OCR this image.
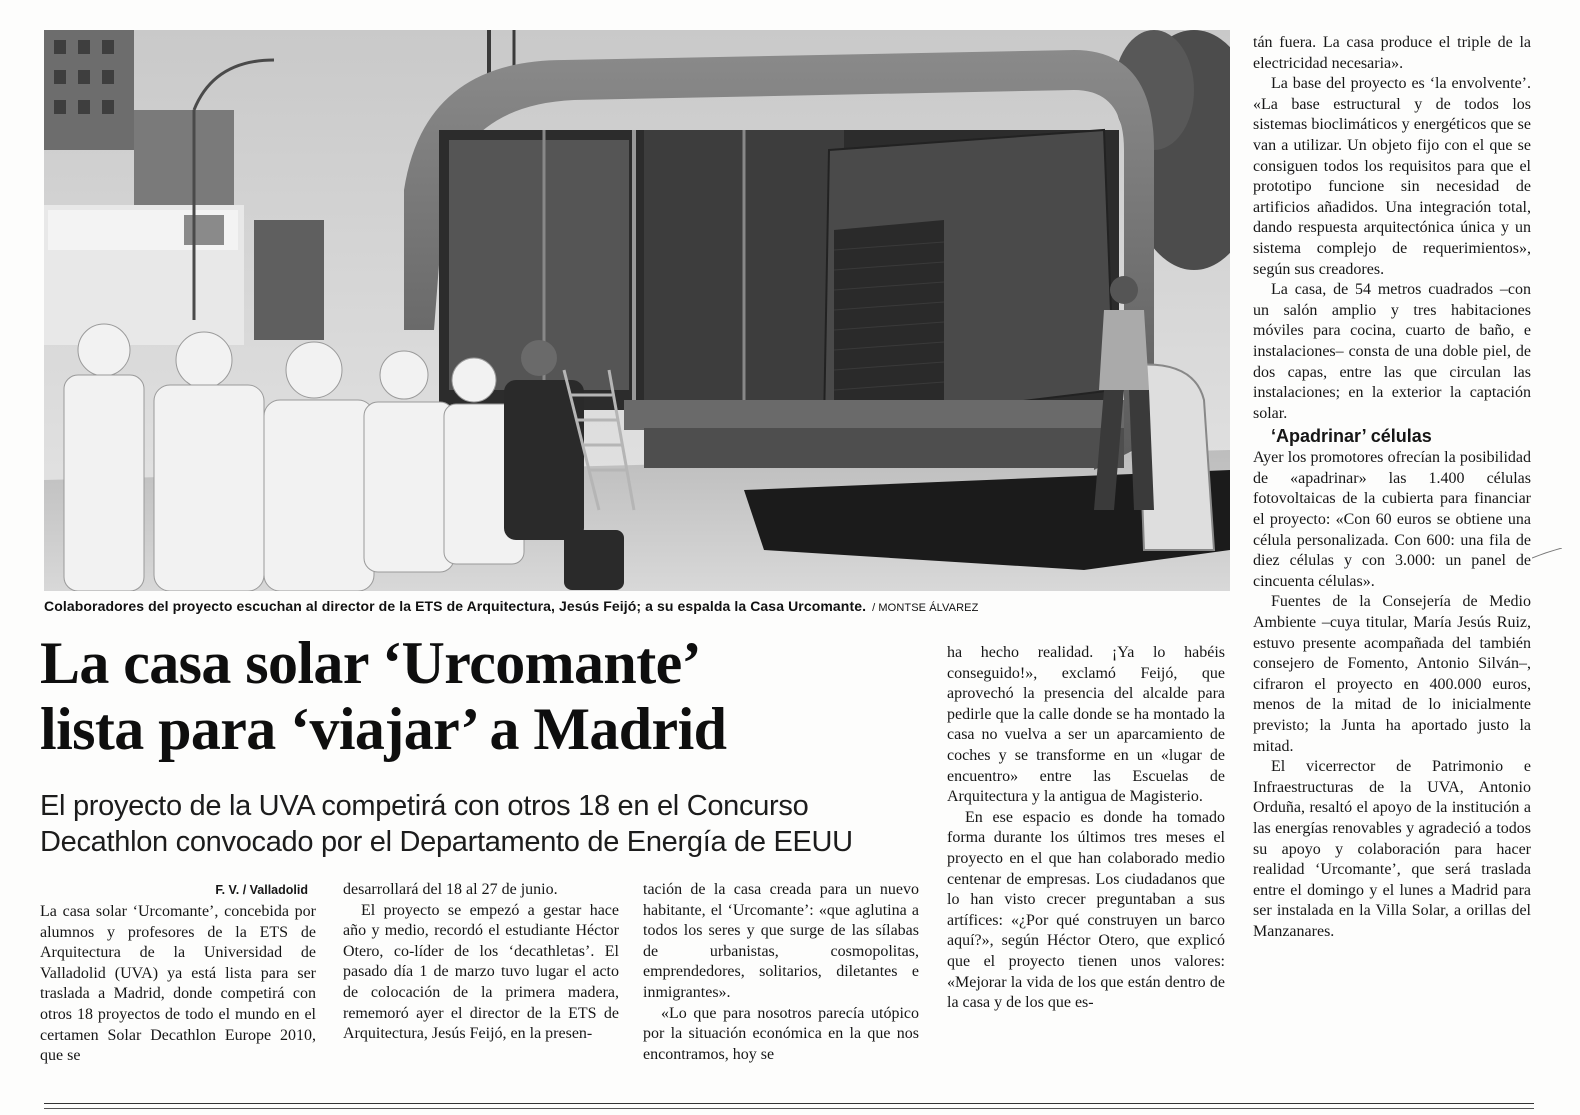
Colaboradores del proyecto escuchan al director de la ETS de Arquitectura, Jesús Feijó; a su espalda la Casa Urcomante. / MONTSE ÁLVAREZ
La casa solar ‘Urcomante’
lista para ‘viajar’ a Madrid
El proyecto de la UVA competirá con otros 18 en el Concurso
Decathlon convocado por el Departamento de Energía de EEUU
F. V. / Valladolid

La casa solar ‘Urcomante’, concebida por alumnos y profesores de la ETS de Arquitectura de la Universidad de Valladolid (UVA) ya está lista para ser traslada a Madrid, donde competirá con otros 18 proyectos de todo el mundo en el certamen Solar Decathlon Europe 2010, que se

desarrollará del 18 al 27 de junio.

El proyecto se empezó a gestar hace año y medio, recordó el estudiante Héctor Otero, co-líder de los ‘decathletas’. El pasado día 1 de marzo tuvo lugar el acto de colocación de la primera madera, rememoró ayer el director de la ETS de Arquitectura, Jesús Feijó, en la presen-

tación de la casa creada para un nuevo habitante, el ‘Urcomante’: «que aglutina a todos los seres y que surge de las sílabas de urbanistas, cosmopolitas, emprendedores, solitarios, diletantes e inmigrantes».

«Lo que para nosotros parecía utópico por la situación económica en la que nos encontramos, hoy se

ha hecho realidad. ¡Ya lo habéis conseguido!», exclamó Feijó, que aprovechó la presencia del alcalde para pedirle que la calle donde se ha montado la casa no vuelva a ser un aparcamiento de coches y se transforme en un «lugar de encuentro» entre las Escuelas de Arquitectura y la antigua de Magisterio.

En ese espacio es donde ha tomado forma durante los últimos tres meses el proyecto en el que han colaborado medio centenar de empresas. Los ciudadanos que lo han visto crecer preguntaban a sus artífices: «¿Por qué construyen un barco aquí?», según Héctor Otero, que explicó que el proyecto tienen unos valores: «Mejorar la vida de los que están dentro de la casa y de los que es-

tán fuera. La casa produce el triple de la electricidad necesaria».

La base del proyecto es ‘la envolvente’. «La base estructural y de todos los sistemas bioclimáticos y energéticos que se van a utilizar. Un objeto fijo con el que se consiguen todos los requisitos para que el prototipo funcione sin necesidad de artificios añadidos. Una integración total, dando respuesta arquitectónica única y un sistema complejo de requerimientos», según sus creadores.

La casa, de 54 metros cuadrados –con un salón amplio y tres habitaciones móviles para cocina, cuarto de baño, e instalaciones– consta de una doble piel, de dos capas, entre las que circulan las instalaciones; en la exterior la captación solar.

‘Apadrinar’ células

Ayer los promotores ofrecían la posibilidad de «apadrinar» las 1.400 células fotovoltaicas de la cubierta para financiar el proyecto: «Con 60 euros se obtiene una célula personalizada. Con 600: una fila de diez células y con 3.000: un panel de cincuenta células».

Fuentes de la Consejería de Medio Ambiente –cuya titular, María Jesús Ruiz, estuvo presente acompañada del también consejero de Fomento, Antonio Silván–, cifraron el proyecto en 400.000 euros, menos de la mitad de lo inicialmente previsto; la Junta ha aportado justo la mitad.

El vicerrector de Patrimonio e Infraestructuras de la UVA, Antonio Orduña, resaltó el apoyo de la institución a las energías renovables y agradeció a todos su apoyo y colaboración para hacer realidad ‘Urcomante’, que será traslada entre el domingo y el lunes a Madrid para ser instalada en la Villa Solar, a orillas del Manzanares.
